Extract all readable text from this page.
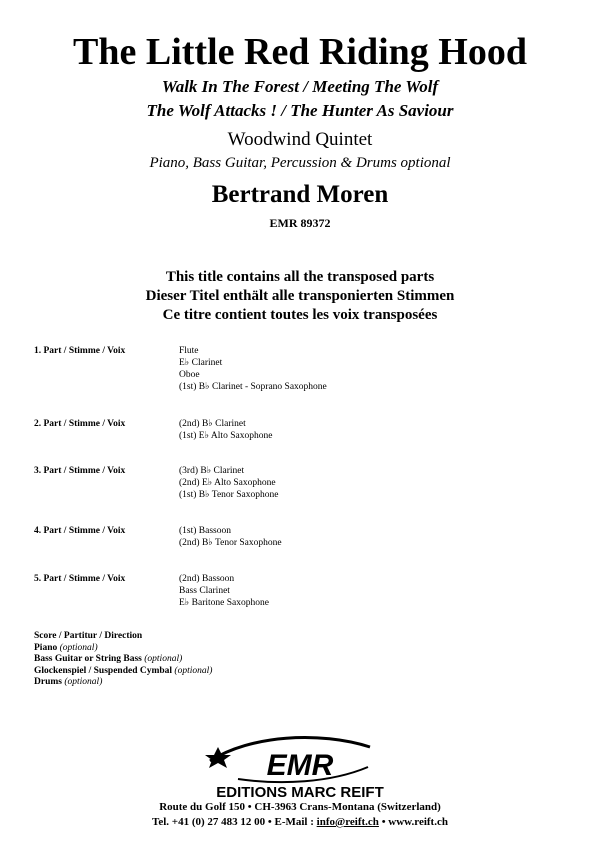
The Little Red Riding Hood
Walk In The Forest / Meeting The Wolf
The Wolf Attacks ! / The Hunter As Saviour
Woodwind Quintet
Piano, Bass Guitar, Percussion & Drums optional
Bertrand Moren
EMR 89372
This title contains all the transposed parts
Dieser Titel enthält alle transponierten Stimmen
Ce titre contient toutes les voix transposées
1. Part / Stimme / Voix	Flute
E♭ Clarinet
Oboe
(1st) B♭ Clarinet - Soprano Saxophone
2. Part / Stimme / Voix	(2nd) B♭ Clarinet
(1st) E♭ Alto Saxophone
3. Part / Stimme / Voix	(3rd) B♭ Clarinet
(2nd) E♭ Alto Saxophone
(1st) B♭ Tenor Saxophone
4. Part / Stimme / Voix	(1st) Bassoon
(2nd) B♭ Tenor Saxophone
5. Part / Stimme / Voix	(2nd) Bassoon
Bass Clarinet
E♭ Baritone Saxophone
Score / Partitur / Direction
Piano (optional)
Bass Guitar or String Bass (optional)
Glockenspiel / Suspended Cymbal (optional)
Drums (optional)
EMR
EDITIONS MARC REIFT
Route du Golf 150 • CH-3963 Crans-Montana (Switzerland)
Tel. +41 (0) 27 483 12 00 • E-Mail : info@reift.ch • www.reift.ch
